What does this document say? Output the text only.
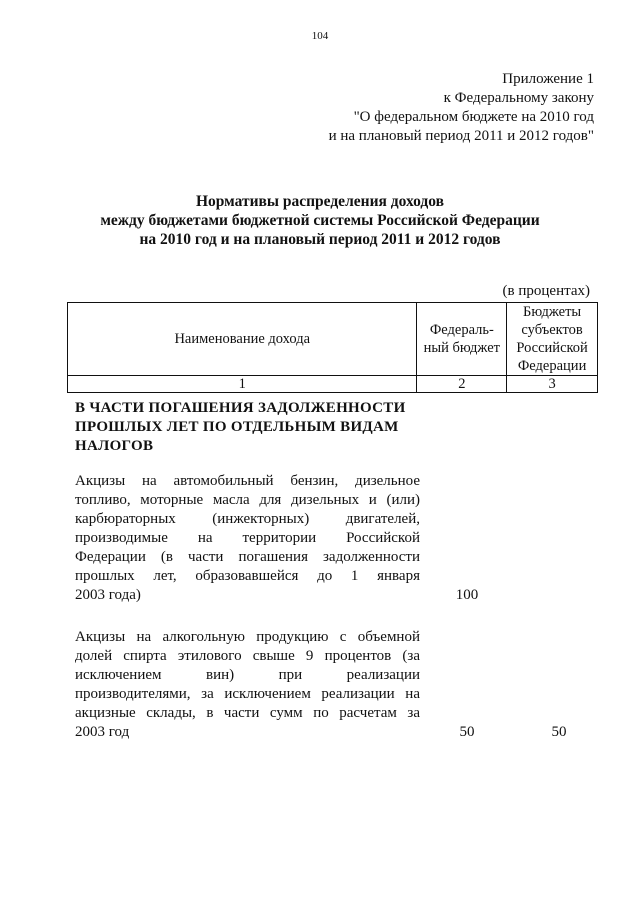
104
Приложение 1
к Федеральному закону
"О федеральном бюджете на 2010 год
и на плановый период 2011 и 2012 годов"
Нормативы распределения доходов
между бюджетами бюджетной системы Российской Федерации
на 2010 год и на плановый период 2011 и 2012 годов
(в процентах)
Наименование дохода	Федераль-ный бюджет	Бюджеты субъектов Российской Федерации
1	2	3
В ЧАСТИ ПОГАШЕНИЯ ЗАДОЛЖЕННОСТИ ПРОШЛЫХ ЛЕТ ПО ОТДЕЛЬНЫМ ВИДАМ НАЛОГОВ
Акцизы на автомобильный бензин, дизельное
топливо, моторные масла для дизельных и (или)
карбюраторных (инжекторных) двигателей,
производимые на территории Российской
Федерации (в части погашения задолженности
прошлых лет, образовавшейся до 1 января
2003 года)	100
Акцизы на алкогольную продукцию с объемной
долей спирта этилового свыше 9 процентов (за
исключением вин) при реализации
производителями, за исключением реализации на
акцизные склады, в части сумм по расчетам за
2003 год	50	50
